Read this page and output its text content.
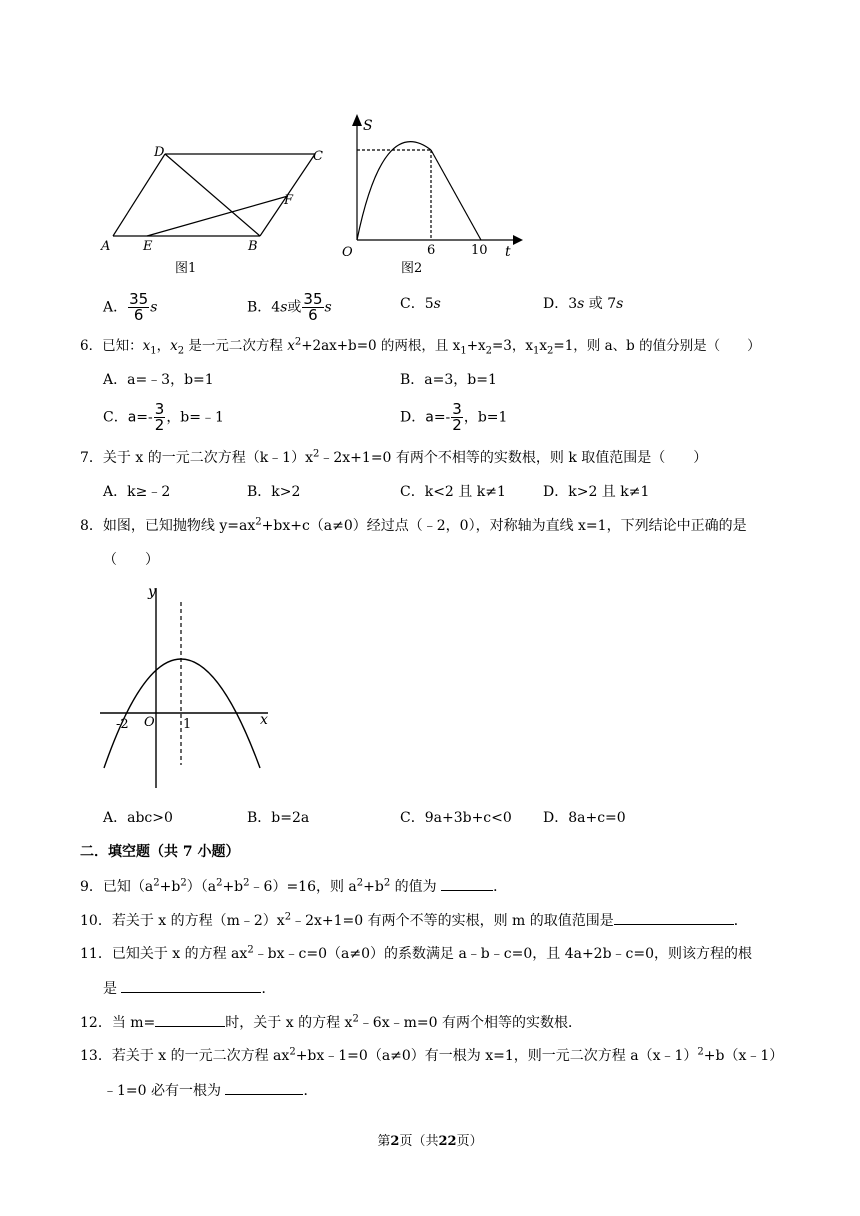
D	C
F
A	E	B
图1
S
t
O	6	10
图2
A． $\frac{35}{6}$ s	B．4s或 $\frac{35}{6}$ s	C．5s	D．3s 或 7s
6．已知：$x_1$，$x_2$ 是一元二次方程 $x^2+2ax+b=0$ 的两根，且 $x_1+x_2=3$，$x_1x_2=1$，则 a、b 的值分别是（　　）
A．a=﹣3，b=1	B．a=3，b=1
C．$a=- \frac{3}{2}$ ，b=﹣1	D．$a=- \frac{3}{2}$ ，b=1
7．关于 x 的一元二次方程$(k﹣1)x^2﹣2x+1=0$ 有两个不相等的实数根，则 k 取值范围是（　　）
A．k≥﹣2	B．k>2	C．k<2 且 k≠1	D．k>2 且 k≠1
8．如图，已知抛物线 $y=ax^2+bx+c(a\ne 0)$经过点（﹣2，0），对称轴为直线 x=1，下列结论中正确的是
（　　）
y
x
O
-2	1
A．abc>0	B．b=2a	C．9a+3b+c<0 D．8a+c=0
二．填空题（共 7 小题）
9．已知$(a^2+b^2)(a^2+b^2﹣6)=16$，则 $a^2+b^2$ 的值为	．
10．若关于 x 的方程$(m﹣2)x^2﹣2x+1=0$ 有两个不等的实根，则 m 的取值范围是	．
11．已知关于 x 的方程 $ax^2﹣bx﹣c=0(a\ne 0)$的系数满足 a﹣b﹣c=0，且 4a+2b﹣c=0，则该方程的根
是	．
12．当 m=	时，关于 x 的方程 $x^2﹣6x﹣m=0$ 有两个相等的实数根．
13．若关于 x 的一元二次方程 $ax^2+bx﹣1=0(a\ne 0)$有一根为 x=1，则一元二次方程 a（x﹣1）$^2$+b（x﹣1）
﹣1=0 必有一根为	．
第2页（共22页）
